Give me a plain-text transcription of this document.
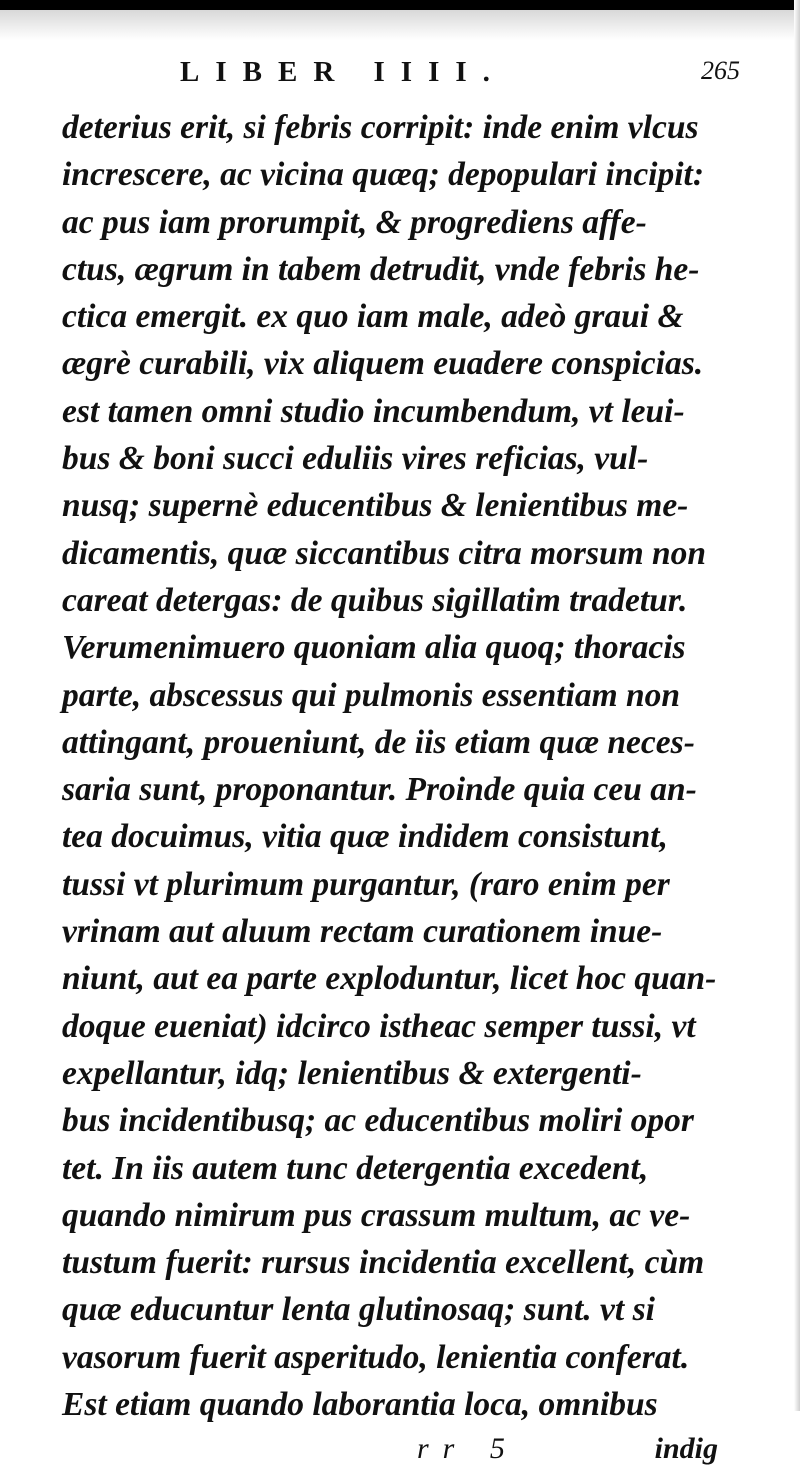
LIBER IIII.	265
deterius erit, si febris corripit: inde enim vlcus
increscere, ac vicina quæq; depopulari incipit:
ac pus iam prorumpit, & progrediens affe-
ctus, ægrum in tabem detrudit, vnde febris he-
ctica emergit. ex quo iam male, adeò graui &
ægrè curabili, vix aliquem euadere conspicias.
est tamen omni studio incumbendum, vt leui-
bus & boni succi eduliis vires reficias, vul-
nusq; supernè educentibus & lenientibus me-
dicamentis, quæ siccantibus citra morsum non
careat detergas: de quibus sigillatim tradetur.
Verumenimuero quoniam alia quoq; thoracis
parte, abscessus qui pulmonis essentiam non
attingant, proueniunt, de iis etiam quæ neces-
saria sunt, proponantur. Proinde quia ceu an-
tea docuimus, vitia quæ indidem consistunt,
tussi vt plurimum purgantur, (raro enim per
vrinam aut aluum rectam curationem inue-
niunt, aut ea parte exploduntur, licet hoc quan-
doque eueniat) idcirco istheac semper tussi, vt
expellantur, idq; lenientibus & extergenti-
bus incidentibusq; ac educentibus moliri opor
tet. In iis autem tunc detergentia excedent,
quando nimirum pus crassum multum, ac ve-
tustum fuerit: rursus incidentia excellent, cùm
quæ educuntur lenta glutinosaq; sunt. vt si
vasorum fuerit asperitudo, lenientia conferat.
Est etiam quando laborantia loca, omnibus
rr 5	indig
